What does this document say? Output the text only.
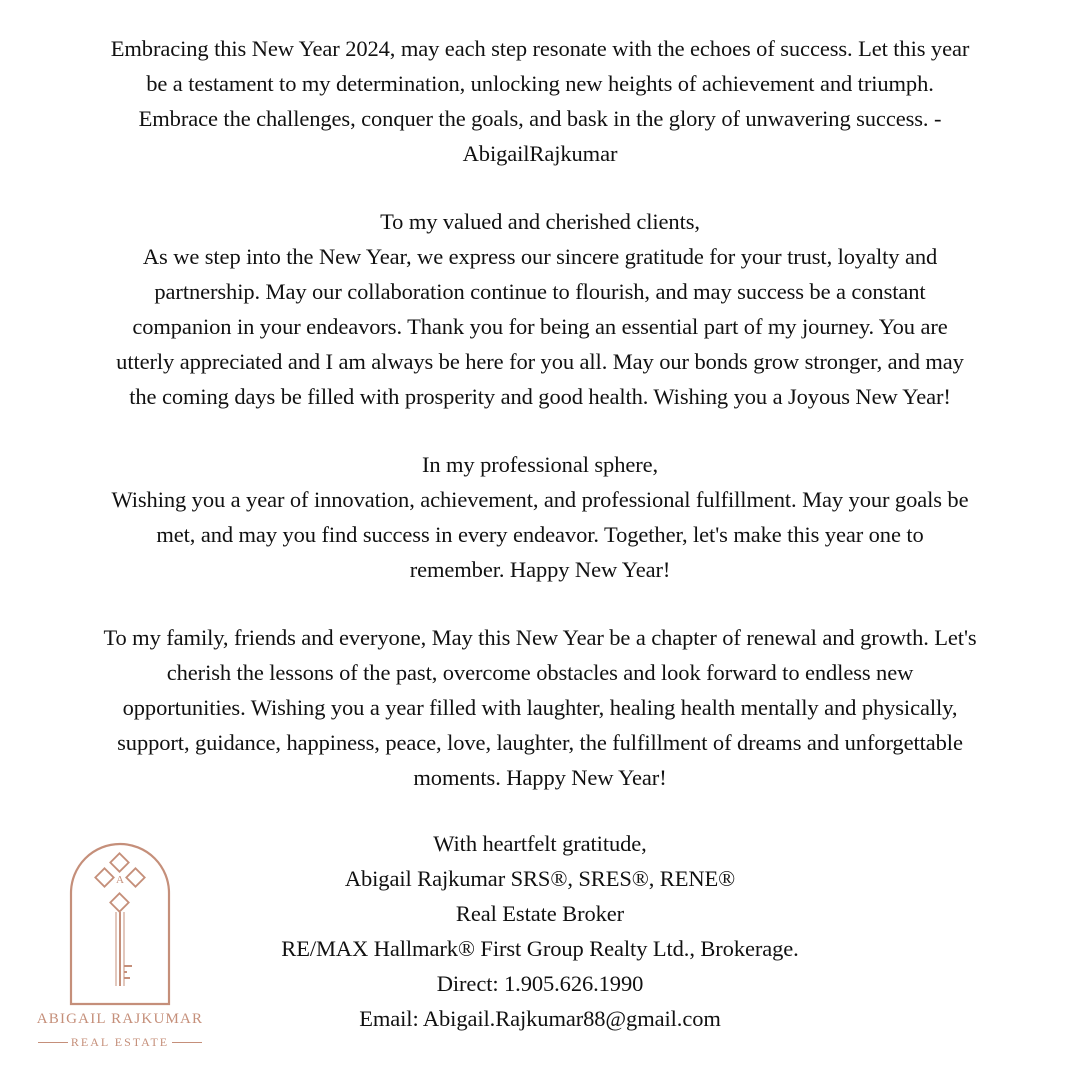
Embracing this New Year 2024, may each step resonate with the echoes of success. Let this year
be a testament to my determination, unlocking new heights of achievement and triumph.
Embrace the challenges, conquer the goals, and bask in the glory of unwavering success. -
AbigailRajkumar
To my valued and cherished clients,
As we step into the New Year, we express our sincere gratitude for your trust, loyalty and
partnership. May our collaboration continue to flourish, and may success be a constant
companion in your endeavors. Thank you for being an essential part of my journey. You are
utterly appreciated and I am always be here for you all. May our bonds grow stronger, and may
the coming days be filled with prosperity and good health. Wishing you a Joyous New Year!
In my professional sphere,
Wishing you a year of innovation, achievement, and professional fulfillment. May your goals be
met, and may you find success in every endeavor. Together, let's make this year one to
remember. Happy New Year!
To my family, friends and everyone, May this New Year be a chapter of renewal and growth. Let's
cherish the lessons of the past, overcome obstacles and look forward to endless new
opportunities. Wishing you a year filled with laughter, healing health mentally and physically,
support, guidance, happiness, peace, love, laughter, the fulfillment of dreams and unforgettable
moments. Happy New Year!
With heartfelt gratitude,
Abigail Rajkumar SRS®, SRES®, RENE®
Real Estate Broker
RE/MAX Hallmark® First Group Realty Ltd., Brokerage.
Direct: 1.905.626.1990
Email: Abigail.Rajkumar88@gmail.com
A
ABIGAIL RAJKUMAR
REAL ESTATE
